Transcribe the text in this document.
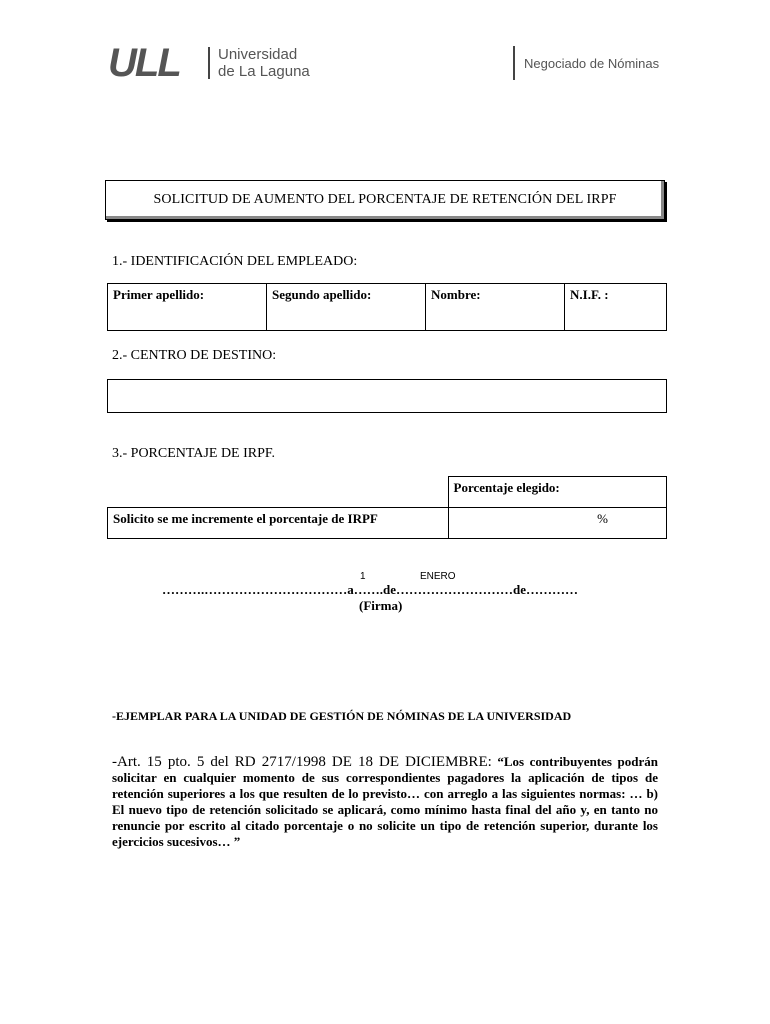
ULL	Universidad
de La Laguna	Negociado de Nóminas
SOLICITUD DE AUMENTO DEL PORCENTAJE DE RETENCIÓN DEL IRPF
1.- IDENTIFICACIÓN DEL EMPLEADO:
Primer apellido:	Segundo apellido:	Nombre:	N.I.F. :
2.- CENTRO DE DESTINO:
3.- PORCENTAJE DE IRPF.
	Porcentaje elegido:
Solicito se me incremente el porcentaje de IRPF	%
1	ENERO
……….……………………………a…….de………………………de…………
(Firma)
-EJEMPLAR PARA LA UNIDAD DE GESTIÓN DE NÓMINAS DE LA UNIVERSIDAD
-Art. 15 pto. 5 del RD 2717/1998 DE 18 DE DICIEMBRE: “Los contribuyentes podrán solicitar en cualquier momento de sus correspondientes pagadores la aplicación de tipos de retención superiores a los que resulten de lo previsto… con arreglo a las siguientes normas: … b) El nuevo tipo de retención solicitado se aplicará, como mínimo hasta final del año y, en tanto no renuncie por escrito al citado porcentaje o no solicite un tipo de retención superior, durante los ejercicios sucesivos… ”
